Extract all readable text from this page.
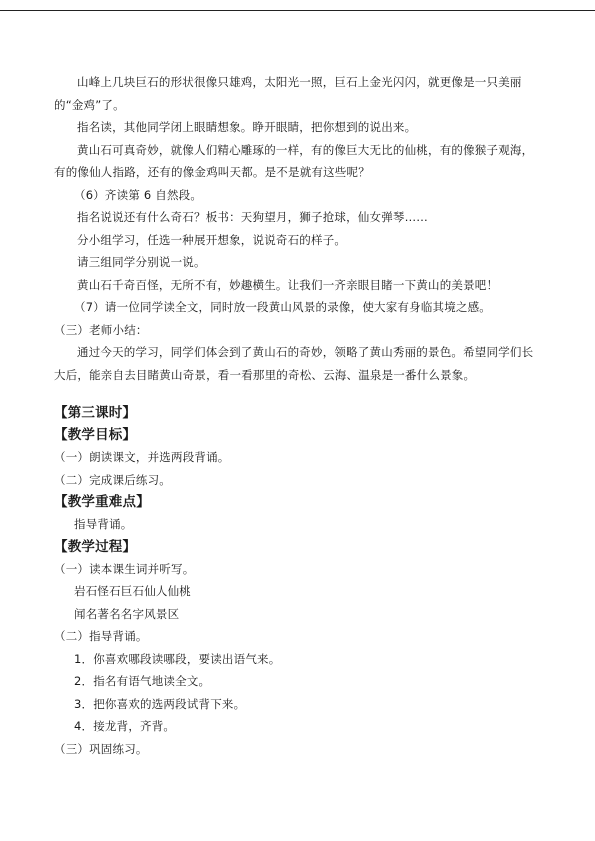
山峰上几块巨石的形状很像只雄鸡，太阳光一照，巨石上金光闪闪，就更像是一只美丽的“金鸡”了。

指名读，其他同学闭上眼睛想象。睁开眼睛，把你想到的说出来。

黄山石可真奇妙，就像人们精心雕琢的一样，有的像巨大无比的仙桃，有的像猴子观海，有的像仙人指路，还有的像金鸡叫天都。是不是就有这些呢？

（6）齐读第 6 自然段。

指名说说还有什么奇石？板书：天狗望月，狮子抢球，仙女弹琴……

分小组学习，任选一种展开想象，说说奇石的样子。

请三组同学分别说一说。

黄山石千奇百怪，无所不有，妙趣横生。让我们一齐亲眼目睹一下黄山的美景吧！

（7）请一位同学读全文，同时放一段黄山风景的录像，使大家有身临其境之感。

（三）老师小结：

通过今天的学习，同学们体会到了黄山石的奇妙，领略了黄山秀丽的景色。希望同学们长大后，能亲自去目睹黄山奇景，看一看那里的奇松、云海、温泉是一番什么景象。

【第三课时】

【教学目标】

（一）朗读课文，并选两段背诵。

（二）完成课后练习。

【教学重难点】

指导背诵。

【教学过程】

（一）读本课生词并听写。

岩石怪石巨石仙人仙桃

闻名著名名字风景区

（二）指导背诵。

1．你喜欢哪段读哪段，要读出语气来。

2．指名有语气地读全文。

3．把你喜欢的选两段试背下来。

4．接龙背，齐背。

（三）巩固练习。
